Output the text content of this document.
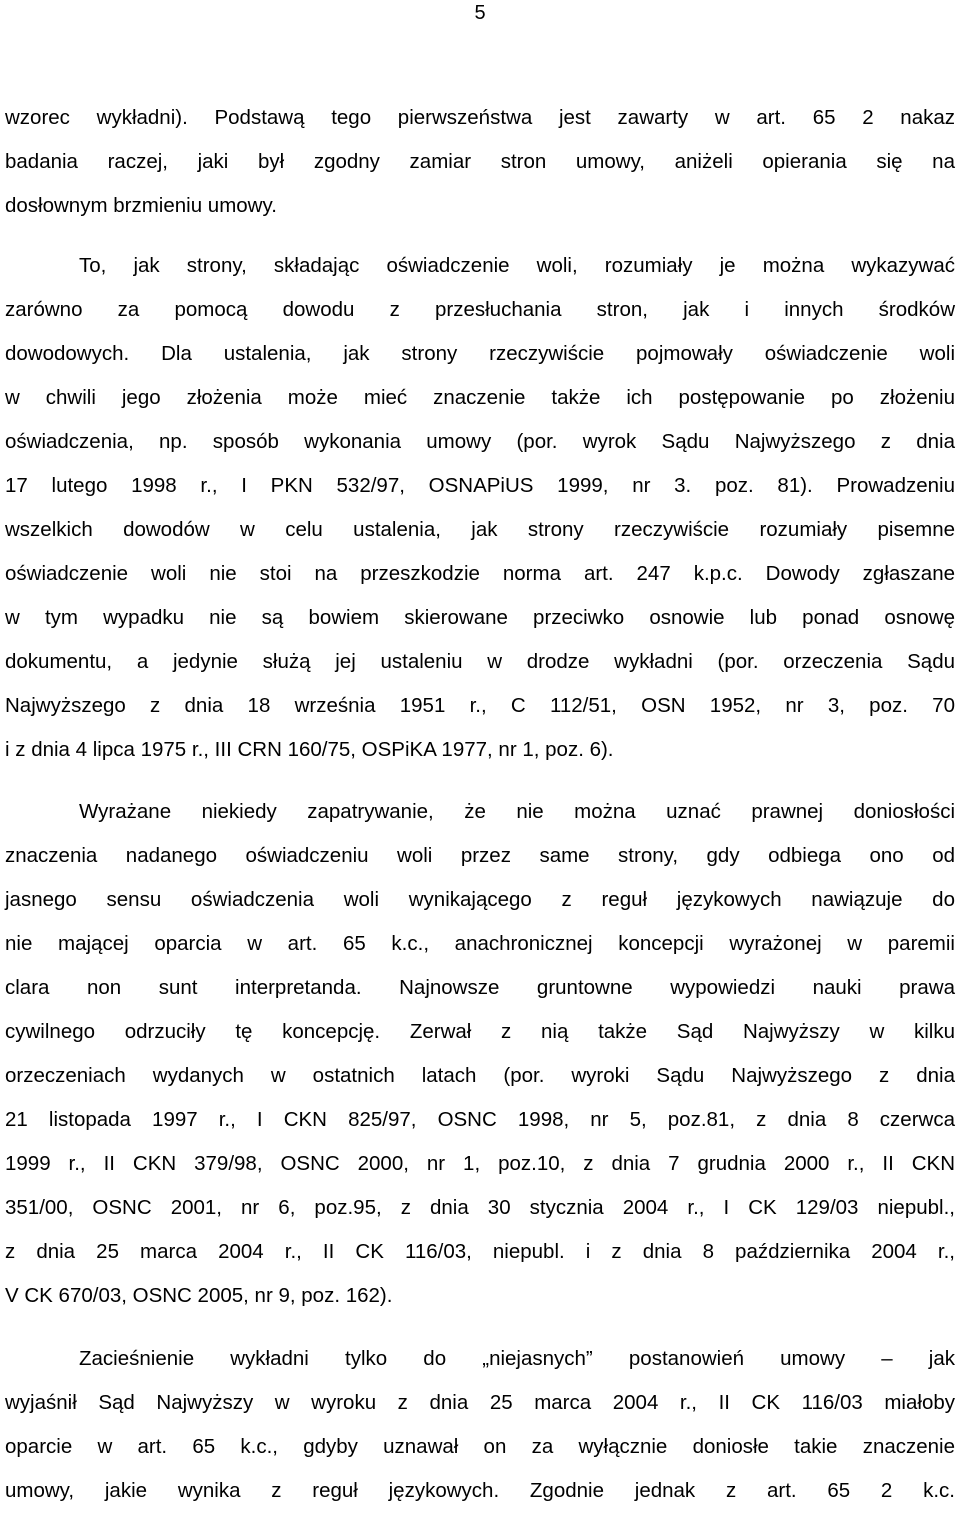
5
wzorec wykładni). Podstawą tego pierwszeństwa jest zawarty w art. 65 2 nakaz
badania raczej, jaki był zgodny zamiar stron umowy, aniżeli opierania się na
dosłownym brzmieniu umowy.
To, jak strony, składając oświadczenie woli, rozumiały je można wykazywać
zarówno za pomocą dowodu z przesłuchania stron, jak i innych środków
dowodowych. Dla ustalenia, jak strony rzeczywiście pojmowały oświadczenie woli
w chwili jego złożenia może mieć znaczenie także ich postępowanie po złożeniu
oświadczenia, np. sposób wykonania umowy (por. wyrok Sądu Najwyższego z dnia
17 lutego 1998 r., I PKN 532/97, OSNAPiUS 1999, nr 3. poz. 81). Prowadzeniu
wszelkich dowodów w celu ustalenia, jak strony rzeczywiście rozumiały pisemne
oświadczenie woli nie stoi na przeszkodzie norma art. 247 k.p.c. Dowody zgłaszane
w tym wypadku nie są bowiem skierowane przeciwko osnowie lub ponad osnowę
dokumentu, a jedynie służą jej ustaleniu w drodze wykładni (por. orzeczenia Sądu
Najwyższego z dnia 18 września 1951 r., C 112/51, OSN 1952, nr 3, poz. 70
i z dnia 4 lipca 1975 r., III CRN 160/75, OSPiKA 1977, nr 1, poz. 6).
Wyrażane niekiedy zapatrywanie, że nie można uznać prawnej doniosłości
znaczenia nadanego oświadczeniu woli przez same strony, gdy odbiega ono od
jasnego sensu oświadczenia woli wynikającego z reguł językowych nawiązuje do
nie mającej oparcia w art. 65 k.c., anachronicznej koncepcji wyrażonej w paremii
clara non sunt interpretanda. Najnowsze gruntowne wypowiedzi nauki prawa
cywilnego odrzuciły tę koncepcję. Zerwał z nią także Sąd Najwyższy w kilku
orzeczeniach wydanych w ostatnich latach (por. wyroki Sądu Najwyższego z dnia
21 listopada 1997 r., I CKN 825/97, OSNC 1998, nr 5, poz.81, z dnia 8 czerwca
1999 r., II CKN 379/98, OSNC 2000, nr 1, poz.10, z dnia 7 grudnia 2000 r., II CKN
351/00, OSNC 2001, nr 6, poz.95, z dnia 30 stycznia 2004 r., I CK 129/03 niepubl.,
z dnia 25 marca 2004 r., II CK 116/03, niepubl. i z dnia 8 października 2004 r.,
V CK 670/03, OSNC 2005, nr 9, poz. 162).
Zacieśnienie wykładni tylko do „niejasnych” postanowień umowy – jak
wyjaśnił Sąd Najwyższy w wyroku z dnia 25 marca 2004 r., II CK 116/03 miałoby
oparcie w art. 65 k.c., gdyby uznawał on za wyłącznie doniosłe takie znaczenie
umowy, jakie wynika z reguł językowych. Zgodnie jednak z art. 65 2 k.c.
